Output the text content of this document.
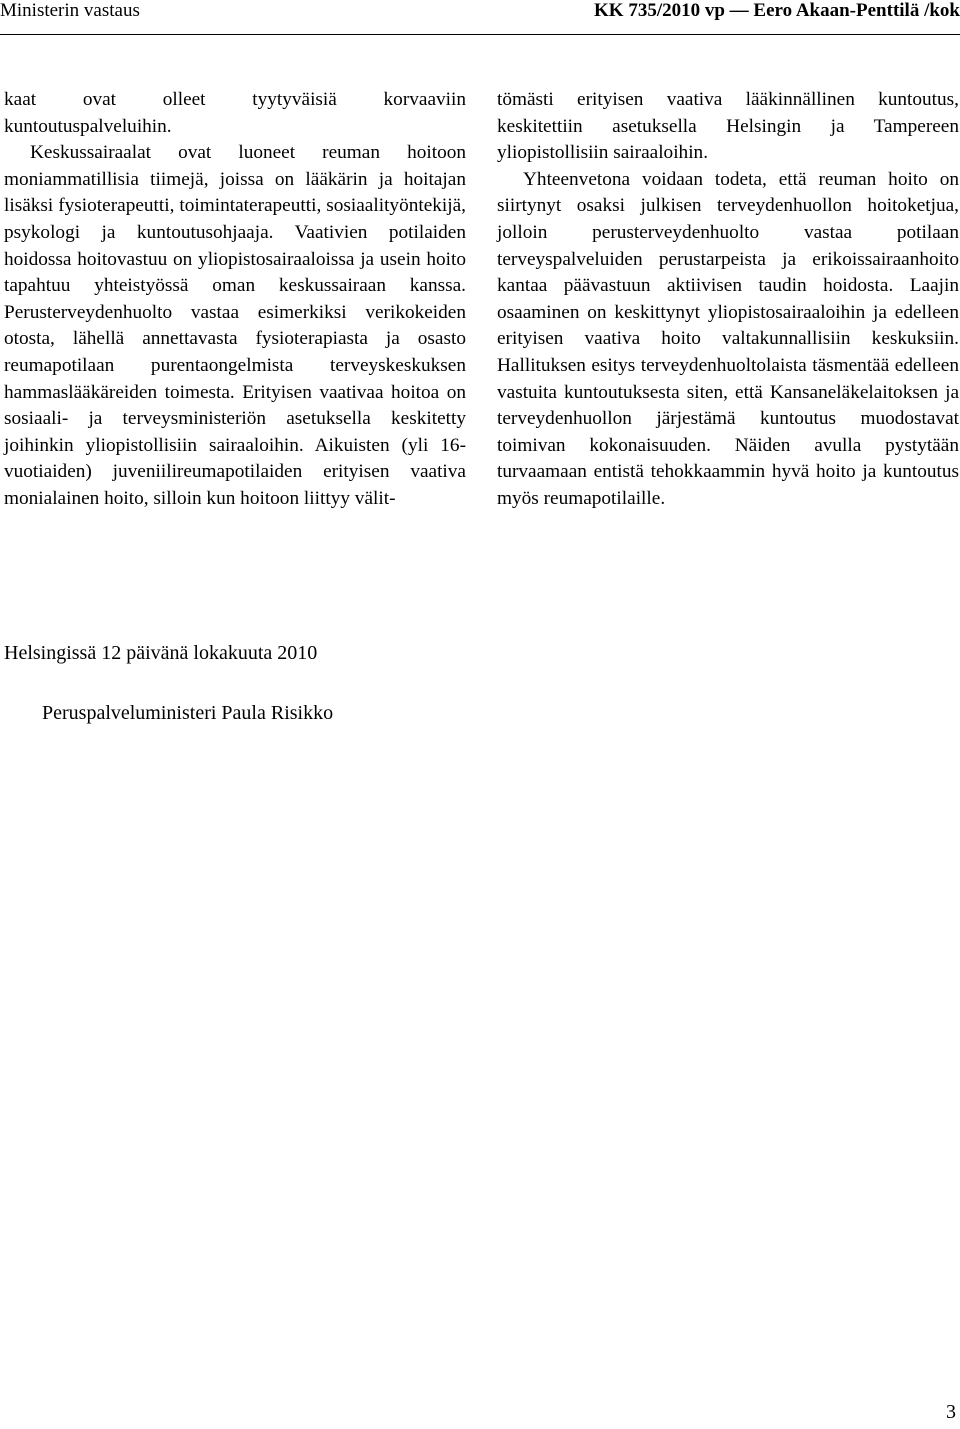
Ministerin vastaus	KK 735/2010 vp — Eero Akaan-Penttilä /kok

kaat ovat olleet tyytyväisiä korvaaviin kuntoutuspalveluihin.

Keskussairaalat ovat luoneet reuman hoitoon moniammatillisia tiimejä, joissa on lääkärin ja hoitajan lisäksi fysioterapeutti, toimintaterapeutti, sosiaalityöntekijä, psykologi ja kuntoutusohjaaja. Vaativien potilaiden hoidossa hoitovastuu on yliopistosairaaloissa ja usein hoito tapahtuu yhteistyössä oman keskussairaan kanssa. Perusterveydenhuolto vastaa esimerkiksi verikokeiden otosta, lähellä annettavasta fysioterapiasta ja osasto reumapotilaan purentaongelmista terveyskeskuksen hammaslääkäreiden toimesta. Erityisen vaativaa hoitoa on sosiaali- ja terveysministeriön asetuksella keskitetty joihinkin yliopistollisiin sairaaloihin. Aikuisten (yli 16-vuotiaiden) juveniilireumapotilaiden erityisen vaativa monialainen hoito, silloin kun hoitoon liittyy välit-

tömästi erityisen vaativa lääkinnällinen kuntoutus, keskitettiin asetuksella Helsingin ja Tampereen yliopistollisiin sairaaloihin.

Yhteenvetona voidaan todeta, että reuman hoito on siirtynyt osaksi julkisen terveydenhuollon hoitoketjua, jolloin perusterveydenhuolto vastaa potilaan terveyspalveluiden perustarpeista ja erikoissairaanhoito kantaa päävastuun aktiivisen taudin hoidosta. Laajin osaaminen on keskittynyt yliopistosairaaloihin ja edelleen erityisen vaativa hoito valtakunnallisiin keskuksiin. Hallituksen esitys terveydenhuoltolaista täsmentää edelleen vastuita kuntoutuksesta siten, että Kansaneläkelaitoksen ja terveydenhuollon järjestämä kuntoutus muodostavat toimivan kokonaisuuden. Näiden avulla pystytään turvaamaan entistä tehokkaammin hyvä hoito ja kuntoutus myös reumapotilaille.

Helsingissä 12 päivänä lokakuuta 2010
Peruspalveluministeri Paula Risikko
3
